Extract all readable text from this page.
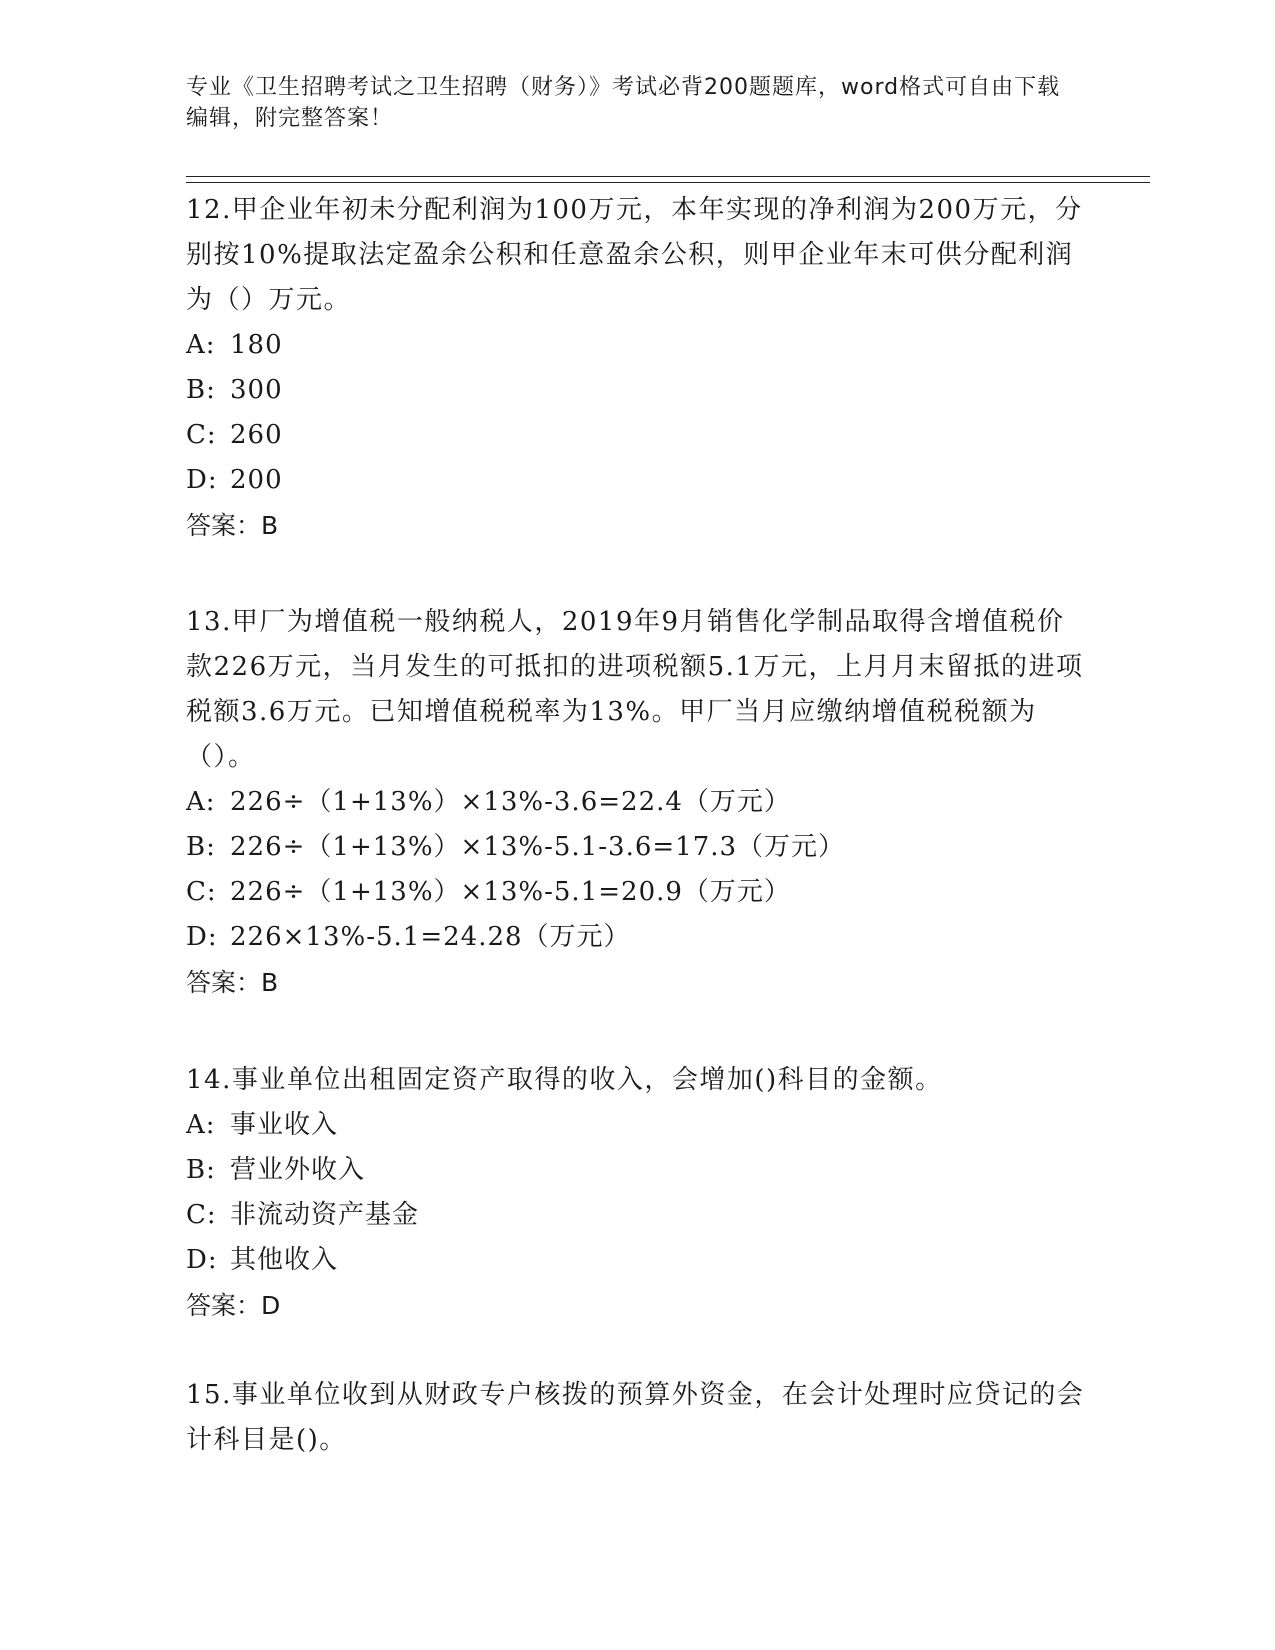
专业《卫生招聘考试之卫生招聘（财务）》考试必背200题题库，word格式可自由下载编辑，附完整答案！

12.甲企业年初未分配利润为100万元，本年实现的净利润为200万元，分别按10%提取法定盈余公积和任意盈余公积，则甲企业年末可供分配利润为（）万元。

A: 180

B: 300

C: 260

D: 200

答案：B

13.甲厂为增值税一般纳税人，2019年9月销售化学制品取得含增值税价款226万元，当月发生的可抵扣的进项税额5.1万元，上月月末留抵的进项税额3.6万元。已知增值税税率为13%。甲厂当月应缴纳增值税税额为（）。

A: 226÷（1+13%）×13%-3.6=22.4（万元）

B: 226÷（1+13%）×13%-5.1-3.6=17.3（万元）

C: 226÷（1+13%）×13%-5.1=20.9（万元）

D: 226×13%-5.1=24.28（万元）

答案：B

14.事业单位出租固定资产取得的收入，会增加()科目的金额。

A: 事业收入

B: 营业外收入

C: 非流动资产基金

D: 其他收入

答案：D

15.事业单位收到从财政专户核拨的预算外资金，在会计处理时应贷记的会计科目是()。
